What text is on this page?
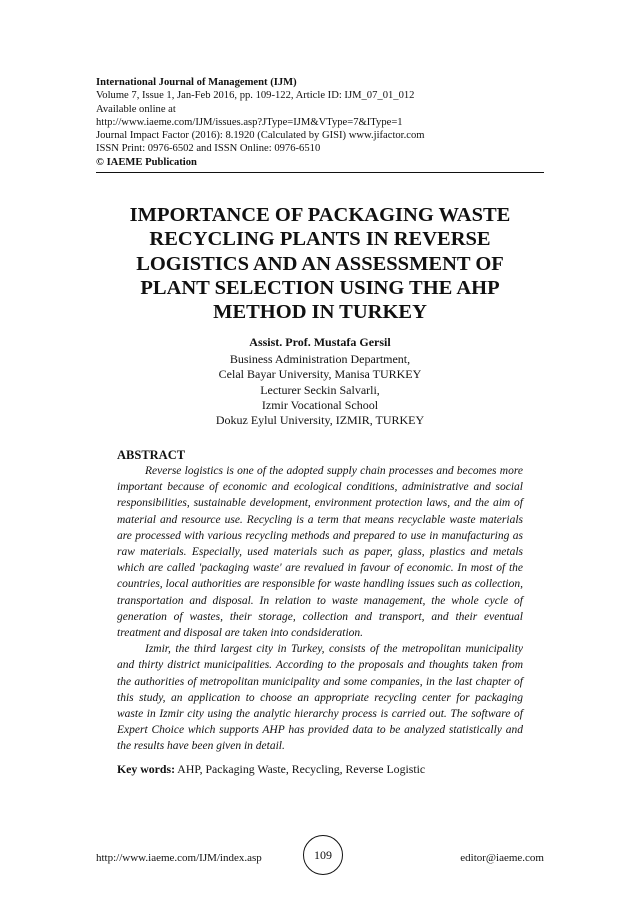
International Journal of Management (IJM)
Volume 7, Issue 1, Jan-Feb 2016, pp. 109-122, Article ID: IJM_07_01_012
Available online at
http://www.iaeme.com/IJM/issues.asp?JType=IJM&VType=7&IType=1
Journal Impact Factor (2016): 8.1920 (Calculated by GISI) www.jifactor.com
ISSN Print: 0976-6502 and ISSN Online: 0976-6510
© IAEME Publication
IMPORTANCE OF PACKAGING WASTE
RECYCLING PLANTS IN REVERSE
LOGISTICS AND AN ASSESSMENT OF
PLANT SELECTION USING THE AHP
METHOD IN TURKEY
Assist. Prof. Mustafa Gersil
Business Administration Department,
Celal Bayar University, Manisa TURKEY
Lecturer Seckin Salvarli,
Izmir Vocational School
Dokuz Eylul University, IZMIR, TURKEY
ABSTRACT

Reverse logistics is one of the adopted supply chain processes and becomes more important because of economic and ecological conditions, administrative and social responsibilities, sustainable development, environment protection laws, and the aim of material and resource use. Recycling is a term that means recyclable waste materials are processed with various recycling methods and prepared to use in manufacturing as raw materials. Especially, used materials such as paper, glass, plastics and metals which are called 'packaging waste' are revalued in favour of economic. In most of the countries, local authorities are responsible for waste handling issues such as collection, transportation and disposal. In relation to waste management, the whole cycle of generation of wastes, their storage, collection and transport, and their eventual treatment and disposal are taken into condsideration.

Izmir, the third largest city in Turkey, consists of the metropolitan municipality and thirty district municipalities. According to the proposals and thoughts taken from the authorities of metropolitan municipality and some companies, in the last chapter of this study, an application to choose an appropriate recycling center for packaging waste in Izmir city using the analytic hierarchy process is carried out. The software of Expert Choice which supports AHP has provided data to be analyzed statistically and the results have been given in detail.

Key words: AHP, Packaging Waste, Recycling, Reverse Logistic
http://www.iaeme.com/IJM/index.asp	109	editor@iaeme.com
